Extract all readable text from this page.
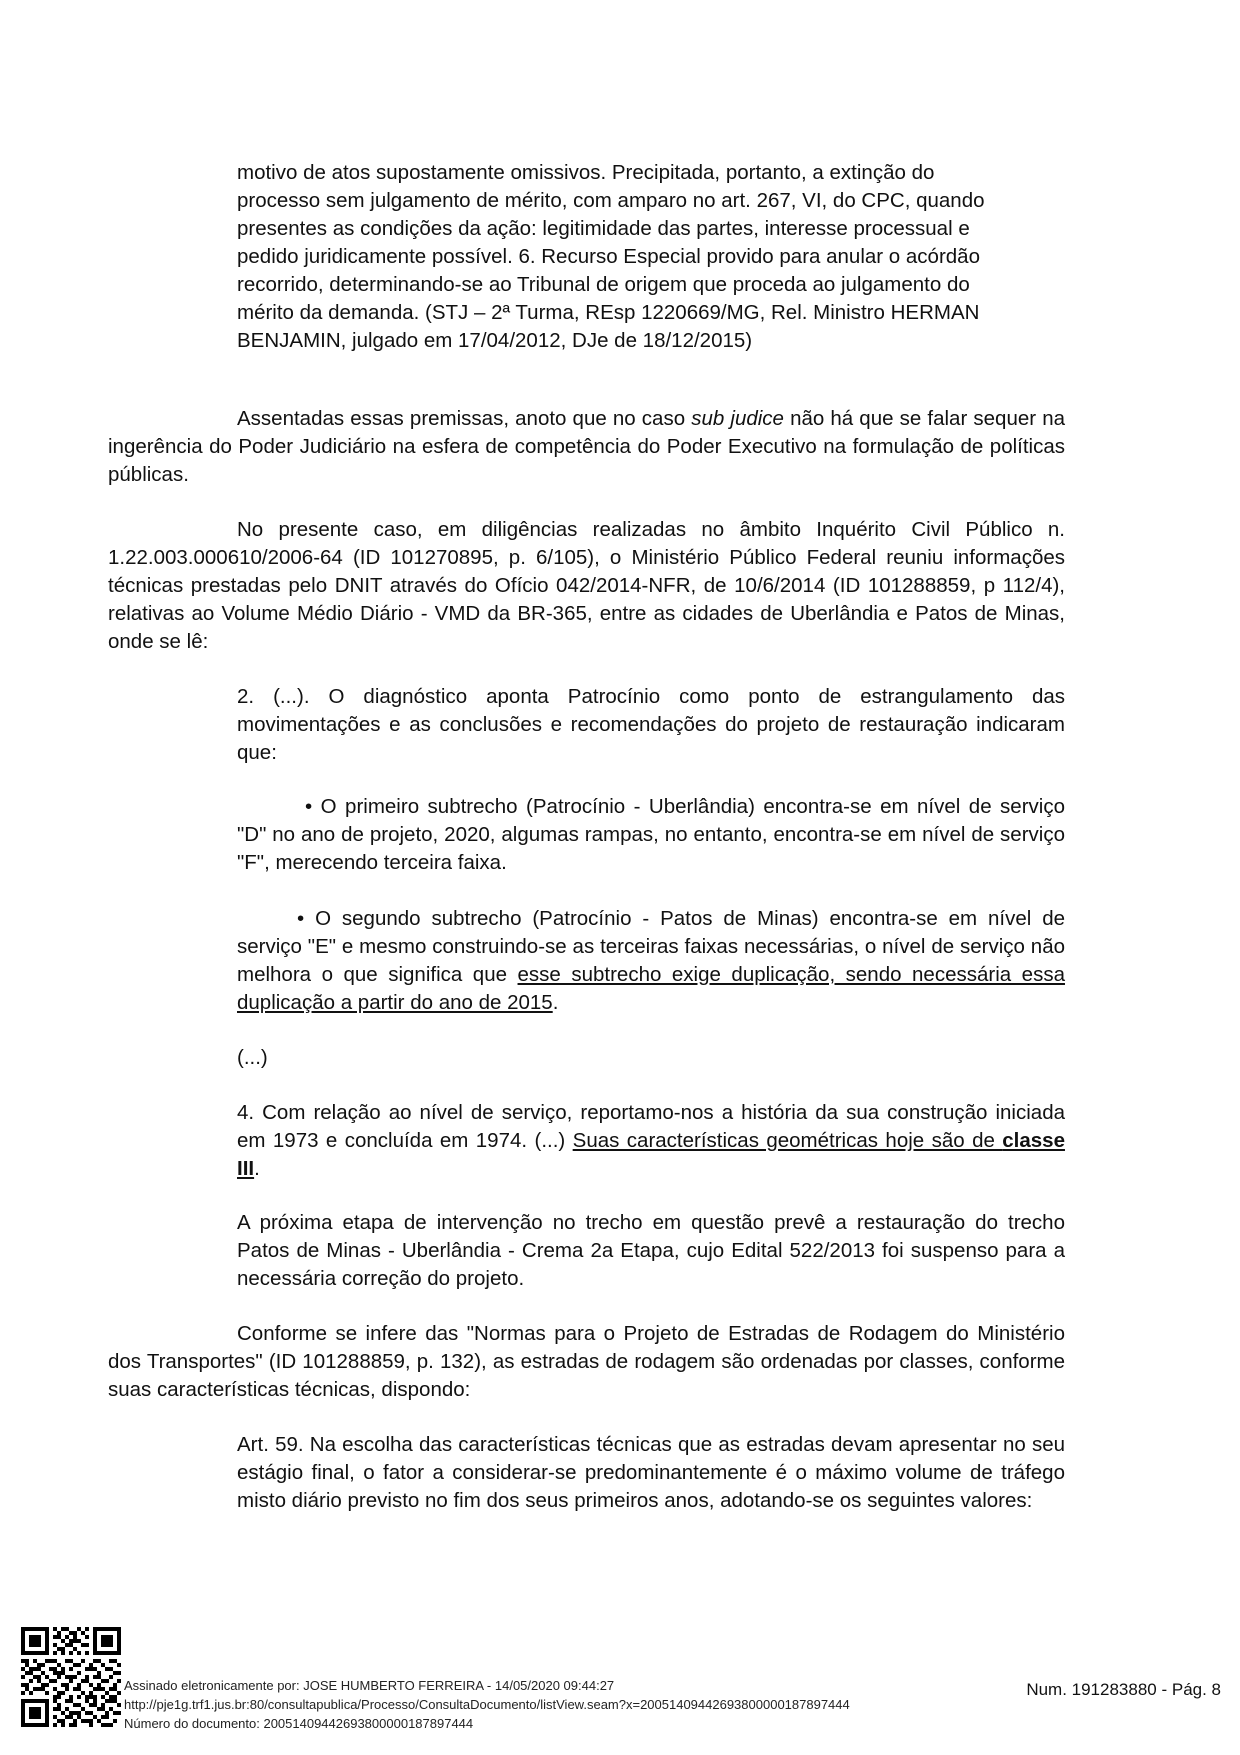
motivo de atos supostamente omissivos. Precipitada, portanto, a extinção do
processo sem julgamento de mérito, com amparo no art. 267, VI, do CPC, quando
presentes as condições da ação: legitimidade das partes, interesse processual e
pedido juridicamente possível. 6. Recurso Especial provido para anular o acórdão
recorrido, determinando-se ao Tribunal de origem que proceda ao julgamento do
mérito da demanda. (STJ – 2ª Turma, REsp 1220669/MG, Rel. Ministro HERMAN
BENJAMIN, julgado em 17/04/2012, DJe de 18/12/2015)

Assentadas essas premissas, anoto que no caso sub judice não há que se falar sequer na ingerência do Poder Judiciário na esfera de competência do Poder Executivo na formulação de políticas públicas.

No presente caso, em diligências realizadas no âmbito Inquérito Civil Público n. 1.22.003.000610/2006-64 (ID 101270895, p. 6/105), o Ministério Público Federal reuniu informações técnicas prestadas pelo DNIT através do Ofício 042/2014-NFR, de 10/6/2014 (ID 101288859, p 112/4), relativas ao Volume Médio Diário - VMD da BR-365, entre as cidades de Uberlândia e Patos de Minas, onde se lê:

2. (...). O diagnóstico aponta Patrocínio como ponto de estrangulamento das movimentações e as conclusões e recomendações do projeto de restauração indicaram que:

• O primeiro subtrecho (Patrocínio - Uberlândia) encontra-se em nível de serviço "D" no ano de projeto, 2020, algumas rampas, no entanto, encontra-se em nível de serviço "F", merecendo terceira faixa.

• O segundo subtrecho (Patrocínio - Patos de Minas) encontra-se em nível de serviço "E" e mesmo construindo-se as terceiras faixas necessárias, o nível de serviço não melhora o que significa que esse subtrecho exige duplicação, sendo necessária essa duplicação a partir do ano de 2015.

(...)

4. Com relação ao nível de serviço, reportamo-nos a história da sua construção iniciada em 1973 e concluída em 1974. (...) Suas características geométricas hoje são de classe III.

A próxima etapa de intervenção no trecho em questão prevê a restauração do trecho Patos de Minas - Uberlândia - Crema 2a Etapa, cujo Edital 522/2013 foi suspenso para a necessária correção do projeto.

Conforme se infere das "Normas para o Projeto de Estradas de Rodagem do Ministério dos Transportes" (ID 101288859, p. 132), as estradas de rodagem são ordenadas por classes, conforme suas características técnicas, dispondo:

Art. 59. Na escolha das características técnicas que as estradas devam apresentar no seu estágio final, o fator a considerar-se predominantemente é o máximo volume de tráfego misto diário previsto no fim dos seus primeiros anos, adotando-se os seguintes valores:

Assinado eletronicamente por: JOSE HUMBERTO FERREIRA - 14/05/2020 09:44:27
http://pje1g.trf1.jus.br:80/consultapublica/Processo/ConsultaDocumento/listView.seam?x=20051409442693800000187897444
Número do documento: 20051409442693800000187897444
Num. 191283880 - Pág. 8
